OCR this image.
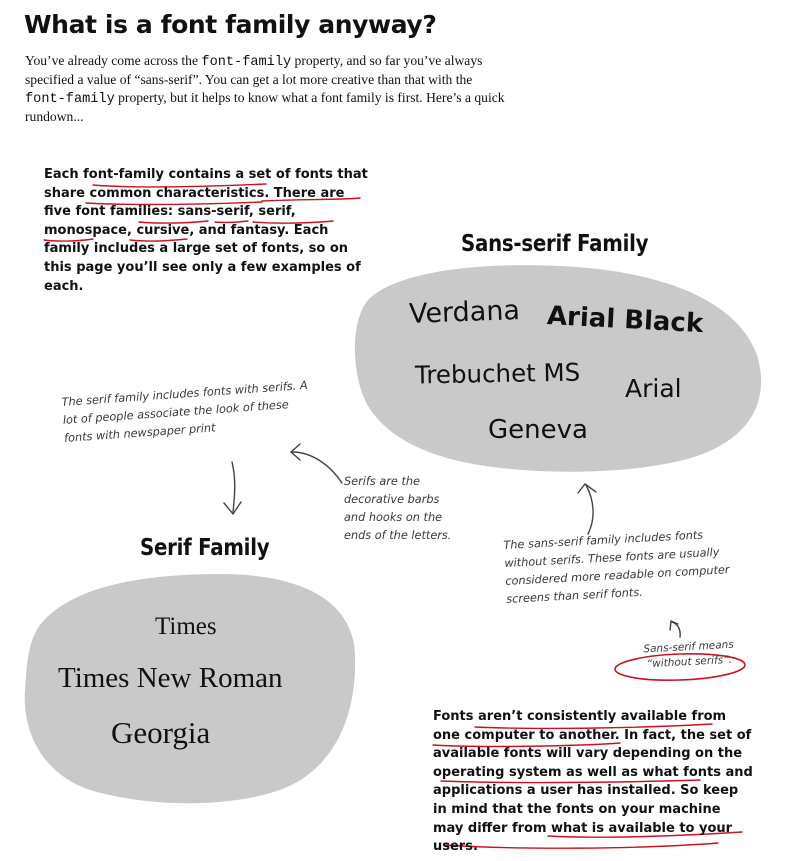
What is a font family anyway?
You’ve already come across the font-family property, and so far you’ve always specified a value of “sans-serif”. You can get a lot more creative than that with the font-family property, but it helps to know what a font family is first. Here’s a quick rundown...
Each font-family contains a set of fonts that share common characteristics. There are five font families: sans-serif, serif, monospace, cursive, and fantasy. Each family includes a large set of fonts, so on this page you’ll see only a few examples of each.
Sans-serif Family
Verdana Arial Black
Trebuchet MS Arial
Geneva
The serif family includes fonts with serifs. A lot of people associate the look of these fonts with newspaper print
Serifs are the decorative barbs and hooks on the ends of the letters.	The sans-serif family includes fonts without serifs. These fonts are usually considered more readable on computer screens than serif fonts.
Sans-serif means “without serifs”.
Serif Family
Times
Times New Roman
Georgia	Fonts aren’t consistently available from one computer to another. In fact, the set of available fonts will vary depending on the operating system as well as what fonts and applications a user has installed. So keep in mind that the fonts on your machine may differ from what is available to your users.
